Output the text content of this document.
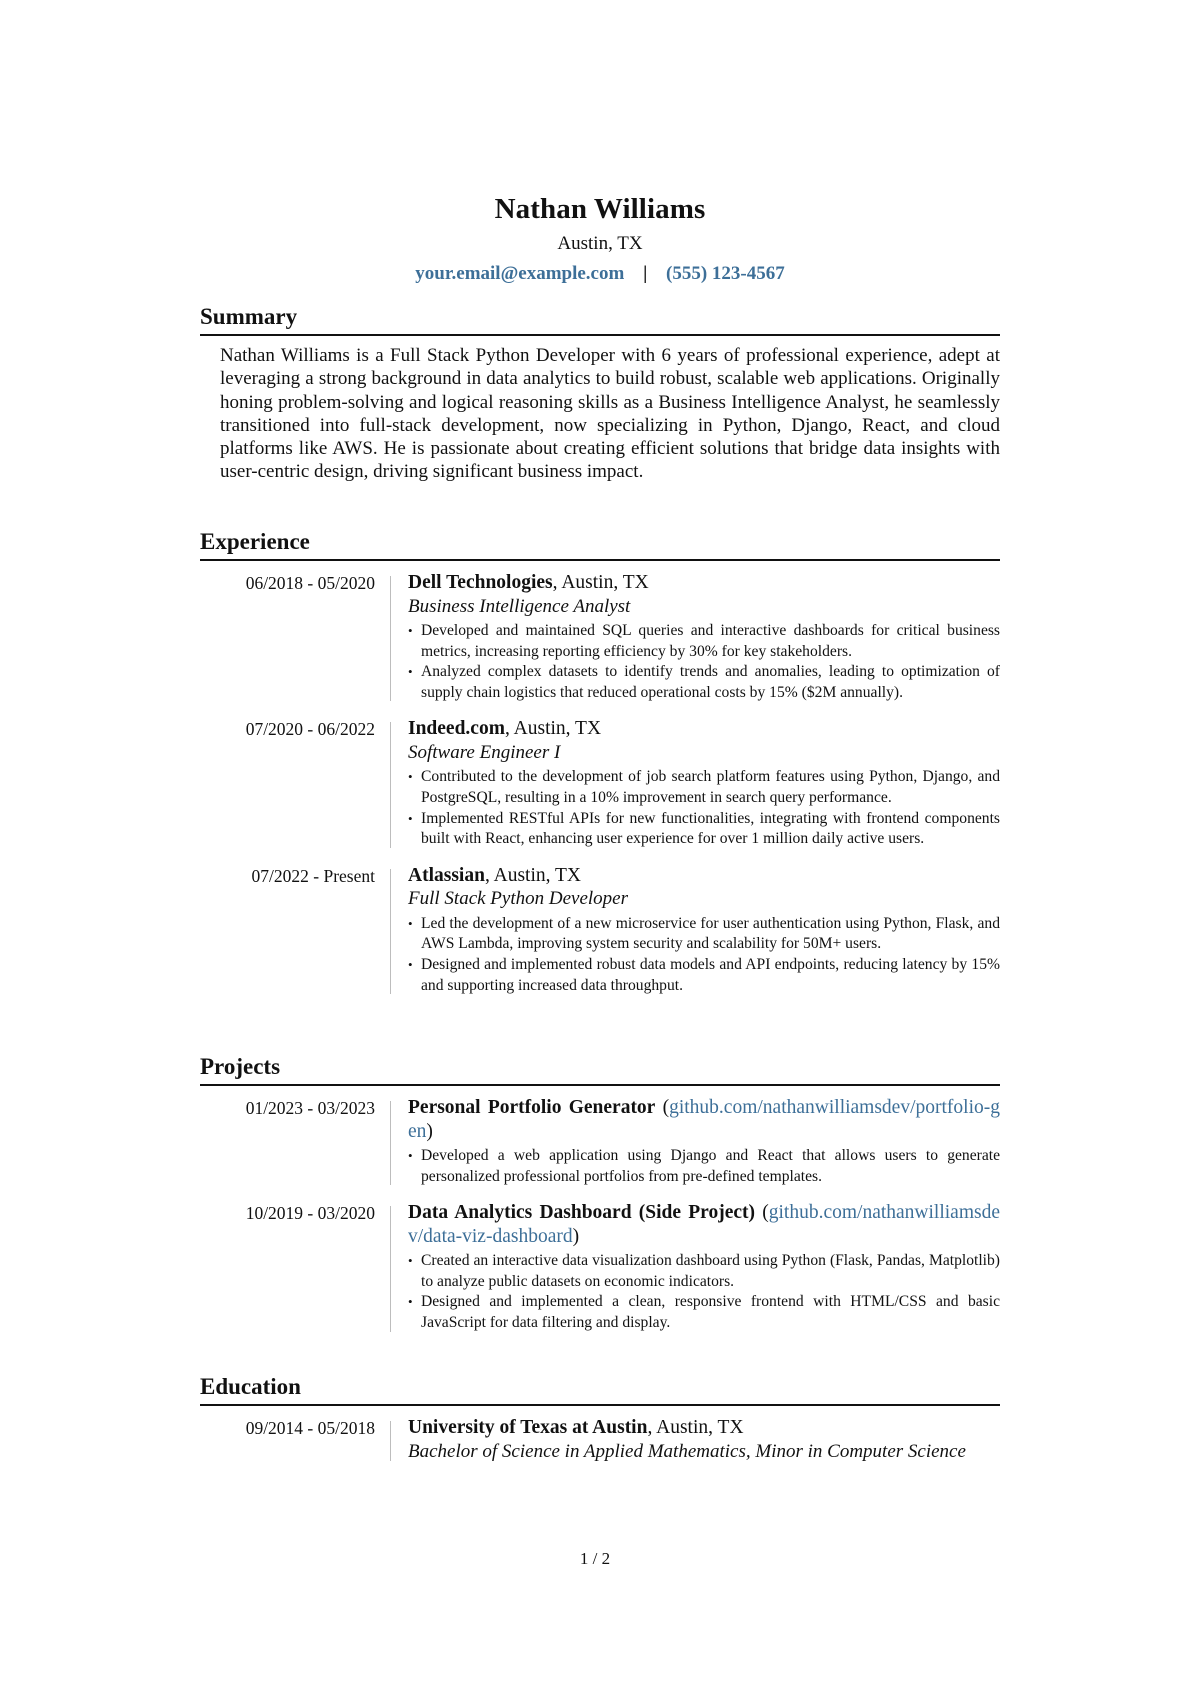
Nathan Williams
Austin, TX
your.email@example.com | (555) 123-4567
Summary
Nathan Williams is a Full Stack Python Developer with 6 years of professional experience, adept at leveraging a strong background in data analytics to build robust, scalable web applications. Originally honing problem-solving and logical reasoning skills as a Business Intelligence Analyst, he seamlessly transitioned into full-stack development, now specializing in Python, Django, React, and cloud platforms like AWS. He is passionate about creating efficient solutions that bridge data insights with user-centric design, driving significant business impact.
Experience
06/2018 - 05/2020 Dell Technologies, Austin, TX
Business Intelligence Analyst
• Developed and maintained SQL queries and interactive dashboards for critical business metrics, increasing reporting efficiency by 30% for key stakeholders.
• Analyzed complex datasets to identify trends and anomalies, leading to optimization of supply chain logistics that reduced operational costs by 15% ($2M annually).
07/2020 - 06/2022 Indeed.com, Austin, TX
Software Engineer I
• Contributed to the development of job search platform features using Python, Django, and PostgreSQL, resulting in a 10% improvement in search query performance.
• Implemented RESTful APIs for new functionalities, integrating with frontend components built with React, enhancing user experience for over 1 million daily active users.
07/2022 - Present Atlassian, Austin, TX
Full Stack Python Developer
• Led the development of a new microservice for user authentication using Python, Flask, and AWS Lambda, improving system security and scalability for 50M+ users.
• Designed and implemented robust data models and API endpoints, reducing latency by 15% and supporting increased data throughput.
Projects
01/2023 - 03/2023 Personal Portfolio Generator (github.com/nathanwilliamsdev/portfolio-gen)
• Developed a web application using Django and React that allows users to generate personalized professional portfolios from pre-defined templates.
10/2019 - 03/2020 Data Analytics Dashboard (Side Project) (github.com/nathanwilliamsdev/data-viz-dashboard)
• Created an interactive data visualization dashboard using Python (Flask, Pandas, Matplotlib) to analyze public datasets on economic indicators.
• Designed and implemented a clean, responsive frontend with HTML/CSS and basic JavaScript for data filtering and display.
Education
09/2014 - 05/2018 University of Texas at Austin, Austin, TX
Bachelor of Science in Applied Mathematics, Minor in Computer Science
1 / 2
